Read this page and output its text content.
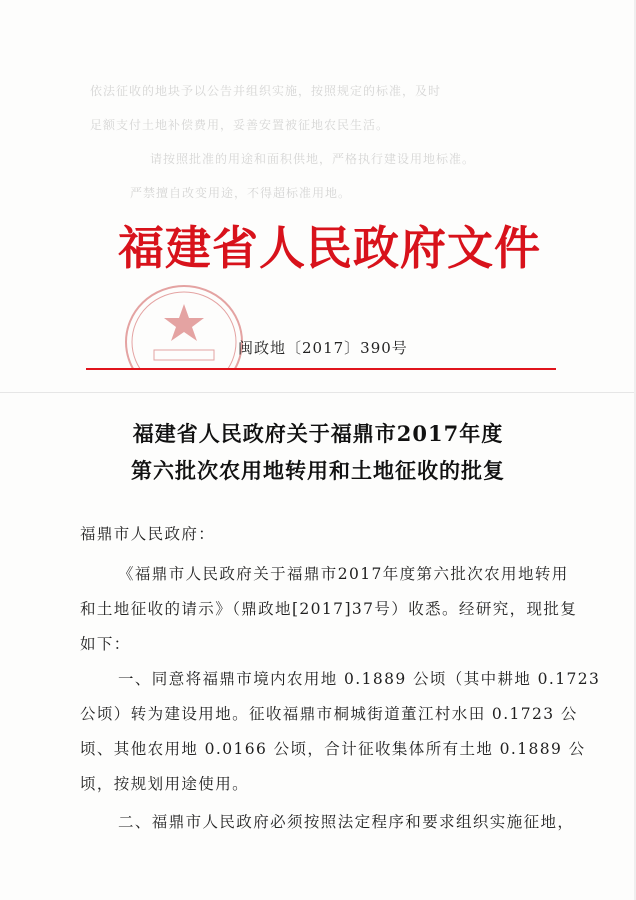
依法征收的地块予以公告并组织实施，按照规定的标准，及时
足额支付土地补偿费用，妥善安置被征地农民生活。
请按照批准的用途和面积供地，严格执行建设用地标准。
严禁擅自改变用途，不得超标准用地。
福建省人民政府文件
闽政地〔2017〕390号
福建省人民政府关于福鼎市2017年度
第六批次农用地转用和土地征收的批复
福鼎市人民政府：
《福鼎市人民政府关于福鼎市2017年度第六批次农用地转用
和土地征收的请示》（鼎政地[2017]37号）收悉。经研究，现批复
如下：
一、同意将福鼎市境内农用地 0.1889 公顷（其中耕地 0.1723
公顷）转为建设用地。征收福鼎市桐城街道董江村水田 0.1723 公
顷、其他农用地 0.0166 公顷，合计征收集体所有土地 0.1889 公
顷，按规划用途使用。
二、福鼎市人民政府必须按照法定程序和要求组织实施征地，
